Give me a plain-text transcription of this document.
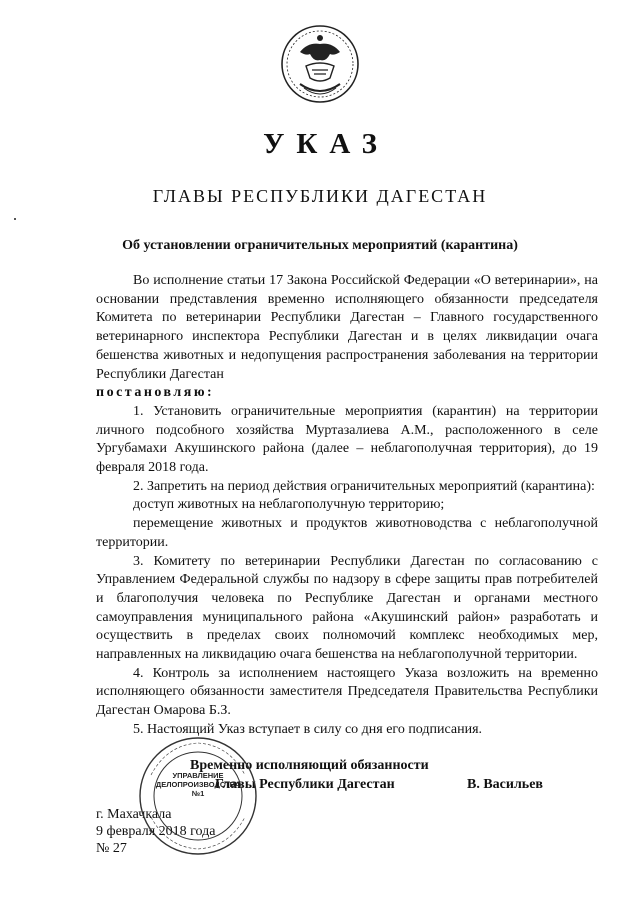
УКАЗ
ГЛАВЫ РЕСПУБЛИКИ ДАГЕСТАН
Об установлении ограничительных мероприятий (карантина)

Во исполнение статьи 17 Закона Российской Федерации «О ветеринарии», на основании представления временно исполняющего обязанности председателя Комитета по ветеринарии Республики Дагестан – Главного государственного ветеринарного инспектора Республики Дагестан и в целях ликвидации очага бешенства животных и недопущения распространения заболевания на территории Республики Дагестан

постановляю:

1. Установить ограничительные мероприятия (карантин) на территории личного подсобного хозяйства Муртазалиева А.М., расположенного в селе Ургубамахи Акушинского района (далее – неблагополучная территория), до 19 февраля 2018 года.

2. Запретить на период действия ограничительных мероприятий (карантина):

доступ животных на неблагополучную территорию;

перемещение животных и продуктов животноводства с неблагополучной территории.

3. Комитету по ветеринарии Республики Дагестан по согласованию с Управлением Федеральной службы по надзору в сфере защиты прав потребителей и благополучия человека по Республике Дагестан и органами местного самоуправления муниципального района «Акушинский район» разработать и осуществить в пределах своих полномочий комплекс необходимых мер, направленных на ликвидацию очага бешенства на неблагополучной территории.

4. Контроль за исполнением настоящего Указа возложить на временно исполняющего обязанности заместителя Председателя Правительства Республики Дагестан Омарова Б.З.

5. Настоящий Указ вступает в силу со дня его подписания.

Временно исполняющий обязанности
Главы Республики Дагестан	В. Васильев
г. Махачкала
9 февраля 2018 года
№ 27
УПРАВЛЕНИЕ
ДЕЛОПРОИЗВОДСТВА
№1
